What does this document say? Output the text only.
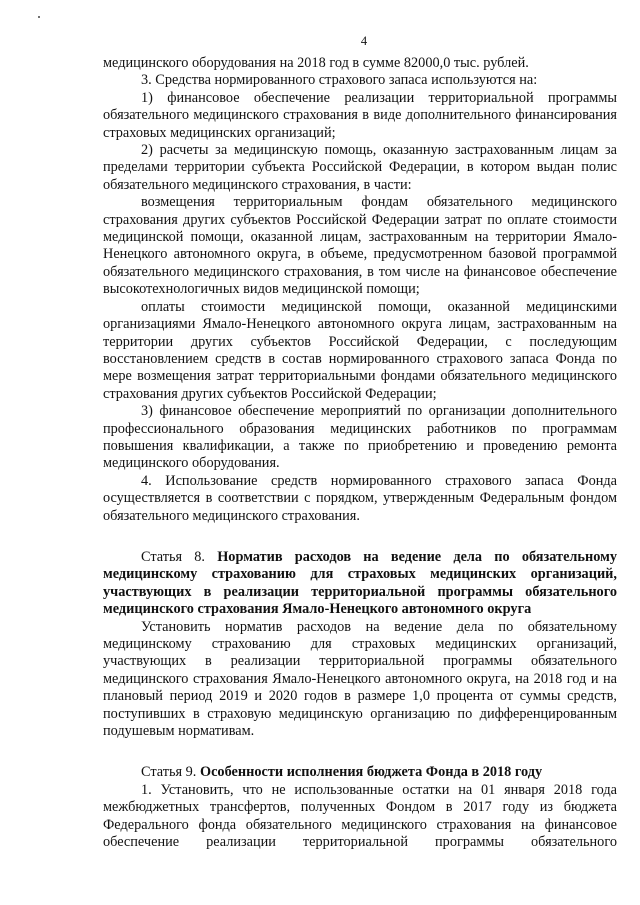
4

медицинского оборудования на 2018 год в сумме 82000,0 тыс. рублей.

3. Средства нормированного страхового запаса используются на:

1) финансовое обеспечение реализации территориальной программы обязательного медицинского страхования в виде дополнительного финансирования страховых медицинских организаций;

2) расчеты за медицинскую помощь, оказанную застрахованным лицам за пределами территории субъекта Российской Федерации, в котором выдан полис обязательного медицинского страхования, в части:

возмещения территориальным фондам обязательного медицинского страхования других субъектов Российской Федерации затрат по оплате стоимости медицинской помощи, оказанной лицам, застрахованным на территории Ямало-Ненецкого автономного округа, в объеме, предусмотренном базовой программой обязательного медицинского страхования, в том числе на финансовое обеспечение высокотехнологичных видов медицинской помощи;

оплаты стоимости медицинской помощи, оказанной медицинскими организациями Ямало-Ненецкого автономного округа лицам, застрахованным на территории других субъектов Российской Федерации, с последующим восстановлением средств в состав нормированного страхового запаса Фонда по мере возмещения затрат территориальными фондами обязательного медицинского страхования других субъектов Российской Федерации;

3) финансовое обеспечение мероприятий по организации дополнительного профессионального образования медицинских работников по программам повышения квалификации, а также по приобретению и проведению ремонта медицинского оборудования.

4. Использование средств нормированного страхового запаса Фонда осуществляется в соответствии с порядком, утвержденным Федеральным фондом обязательного медицинского страхования.

Статья 8. Норматив расходов на ведение дела по обязательному медицинскому страхованию для страховых медицинских организаций, участвующих в реализации территориальной программы обязательного медицинского страхования Ямало-Ненецкого автономного округа

Установить норматив расходов на ведение дела по обязательному медицинскому страхованию для страховых медицинских организаций, участвующих в реализации территориальной программы обязательного медицинского страхования Ямало-Ненецкого автономного округа, на 2018 год и на плановый период 2019 и 2020 годов в размере 1,0 процента от суммы средств, поступивших в страховую медицинскую организацию по дифференцированным подушевым нормативам.

Статья 9. Особенности исполнения бюджета Фонда в 2018 году

1. Установить, что не использованные остатки на 01 января 2018 года межбюджетных трансфертов, полученных Фондом в 2017 году из бюджета Федерального фонда обязательного медицинского страхования на финансовое обеспечение реализации территориальной программы обязательного
